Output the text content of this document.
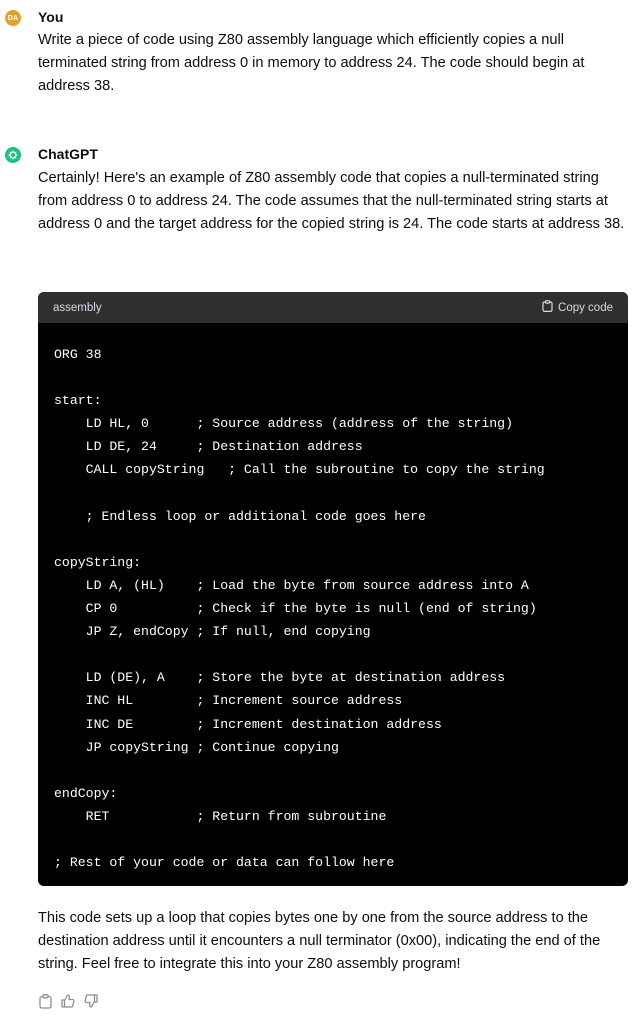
DA You

Write a piece of code using Z80 assembly language which efficiently copies a null terminated string from address 0 in memory to address 24. The code should begin at address 38.

ChatGPT

Certainly! Here's an example of Z80 assembly code that copies a null-terminated string from address 0 to address 24. The code assumes that the null-terminated string starts at address 0 and the target address for the copied string is 24. The code starts at address 38.

assembly	Copy code
ORG 38

start:
LD HL, 0      ; Source address (address of the string)
LD DE, 24     ; Destination address
CALL copyString   ; Call the subroutine to copy the string

; Endless loop or additional code goes here

copyString:
LD A, (HL)    ; Load the byte from source address into A
CP 0          ; Check if the byte is null (end of string)
JP Z, endCopy ; If null, end copying

LD (DE), A    ; Store the byte at destination address
INC HL        ; Increment source address
INC DE        ; Increment destination address
JP copyString ; Continue copying

endCopy:
RET           ; Return from subroutine

; Rest of your code or data can follow here

This code sets up a loop that copies bytes one by one from the source address to the destination address until it encounters a null terminator (0x00), indicating the end of the string. Feel free to integrate this into your Z80 assembly program!
